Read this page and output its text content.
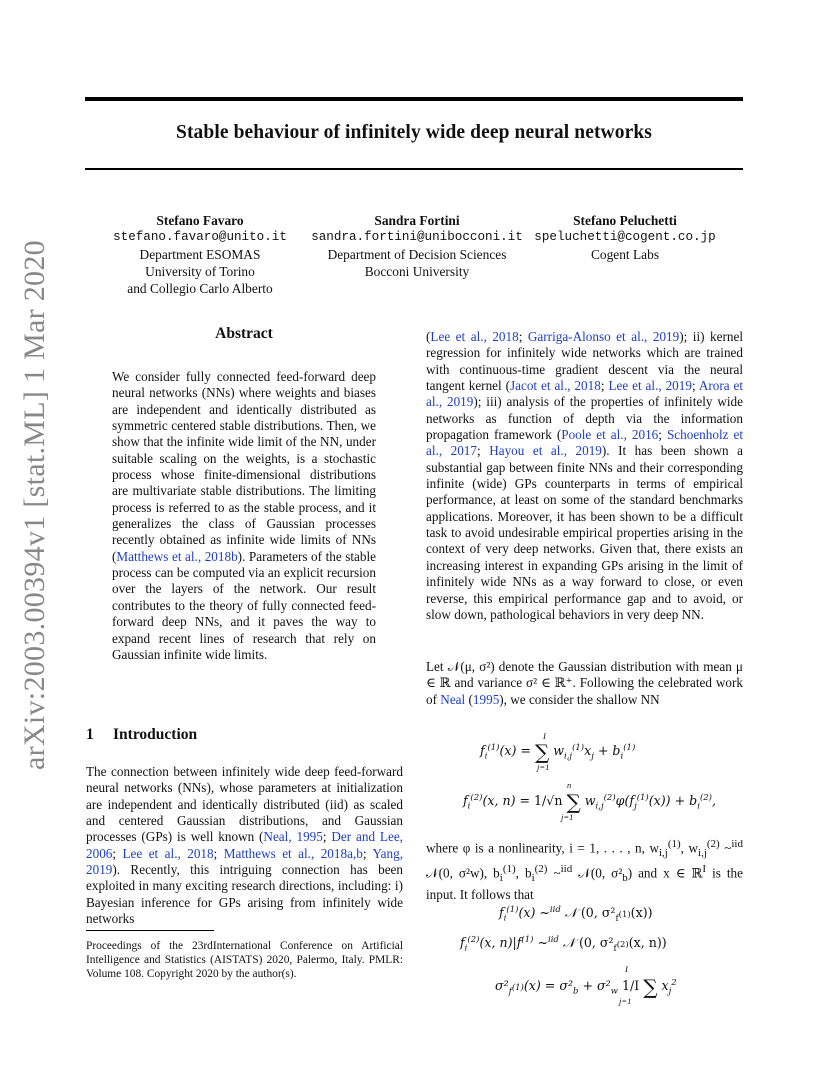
Stable behaviour of infinitely wide deep neural networks
arXiv:2003.00394v1 [stat.ML] 1 Mar 2020
Stefano Favaro
stefano.favaro@unito.it
Department ESOMAS
University of Torino
and Collegio Carlo Alberto
Sandra Fortini
sandra.fortini@unibocconi.it
Department of Decision Sciences
Bocconi University
Stefano Peluchetti
speluchetti@cogent.co.jp
Cogent Labs
Abstract
We consider fully connected feed-forward deep neural networks (NNs) where weights and biases are independent and identically distributed as symmetric centered stable distributions. Then, we show that the infinite wide limit of the NN, under suitable scaling on the weights, is a stochastic process whose finite-dimensional distributions are multivariate stable distributions. The limiting process is referred to as the stable process, and it generalizes the class of Gaussian processes recently obtained as infinite wide limits of NNs (Matthews et al., 2018b). Parameters of the stable process can be computed via an explicit recursion over the layers of the network. Our result contributes to the theory of fully connected feed-forward deep NNs, and it paves the way to expand recent lines of research that rely on Gaussian infinite wide limits.
1 Introduction
The connection between infinitely wide deep feed-forward neural networks (NNs), whose parameters at initialization are independent and identically distributed (iid) as scaled and centered Gaussian distributions, and Gaussian processes (GPs) is well known (Neal, 1995; Der and Lee, 2006; Lee et al., 2018; Matthews et al., 2018a,b; Yang, 2019). Recently, this intriguing connection has been exploited in many exciting research directions, including: i) Bayesian inference for GPs arising from infinitely wide networks
Proceedings of the 23rdInternational Conference on Artificial Intelligence and Statistics (AISTATS) 2020, Palermo, Italy. PMLR: Volume 108. Copyright 2020 by the author(s).
(Lee et al., 2018; Garriga-Alonso et al., 2019); ii) kernel regression for infinitely wide networks which are trained with continuous-time gradient descent via the neural tangent kernel (Jacot et al., 2018; Lee et al., 2019; Arora et al., 2019); iii) analysis of the properties of infinitely wide networks as function of depth via the information propagation framework (Poole et al., 2016; Schoenholz et al., 2017; Hayou et al., 2019). It has been shown a substantial gap between finite NNs and their corresponding infinite (wide) GPs counterparts in terms of empirical performance, at least on some of the standard benchmarks applications. Moreover, it has been shown to be a difficult task to avoid undesirable empirical properties arising in the context of very deep networks. Given that, there exists an increasing interest in expanding GPs arising in the limit of infinitely wide NNs as a way forward to close, or even reverse, this empirical performance gap and to avoid, or slow down, pathological behaviors in very deep NN.
Let 𝒩(μ, σ²) denote the Gaussian distribution with mean μ ∈ ℝ and variance σ² ∈ ℝ⁺. Following the celebrated work of Neal (1995), we consider the shallow NN
$f_i^{(1)}(x)$ = ∑ $w_{i,j}^{(1)}x_j + b_i^{(1)}$
I
j=1
$f_i^{(2)}(x$, n) = 1/√n ∑ $w_{i,j}^{(2)}\varphi(f_j^{(1)}(x)) + b_i^{(2)}$,
n
j=1
where φ is a nonlinearity, i = 1, . . . , n, $w_{i,j}^{(1)}$, $w_{i,j}^{(2)}$ ~$^{iid}$ 𝒩(0, σ²w), $b_i^{(1)}$, $b_i^{(2)}$ ~$^{iid}$ 𝒩(0, $\sigma^2_b$) and x ∈ ℝ$^I$ is the input. It follows that
$f_i^{(1)}(x)$ ~$^{iid}$ 𝒩 (0, $\sigma^2_{f^{(1)}}(x)$)
$f_i^{(2)}(x$, $n)|f^{(1)}$ ~$^{iid}$ 𝒩 (0, $\sigma^2_{f^{(2)}}(x$, n))
$\sigma^2_{f^{(1)}}(x) = \sigma^2_b + \sigma^2_w$ 1/I ∑ $x_j^2$
I
j=1
